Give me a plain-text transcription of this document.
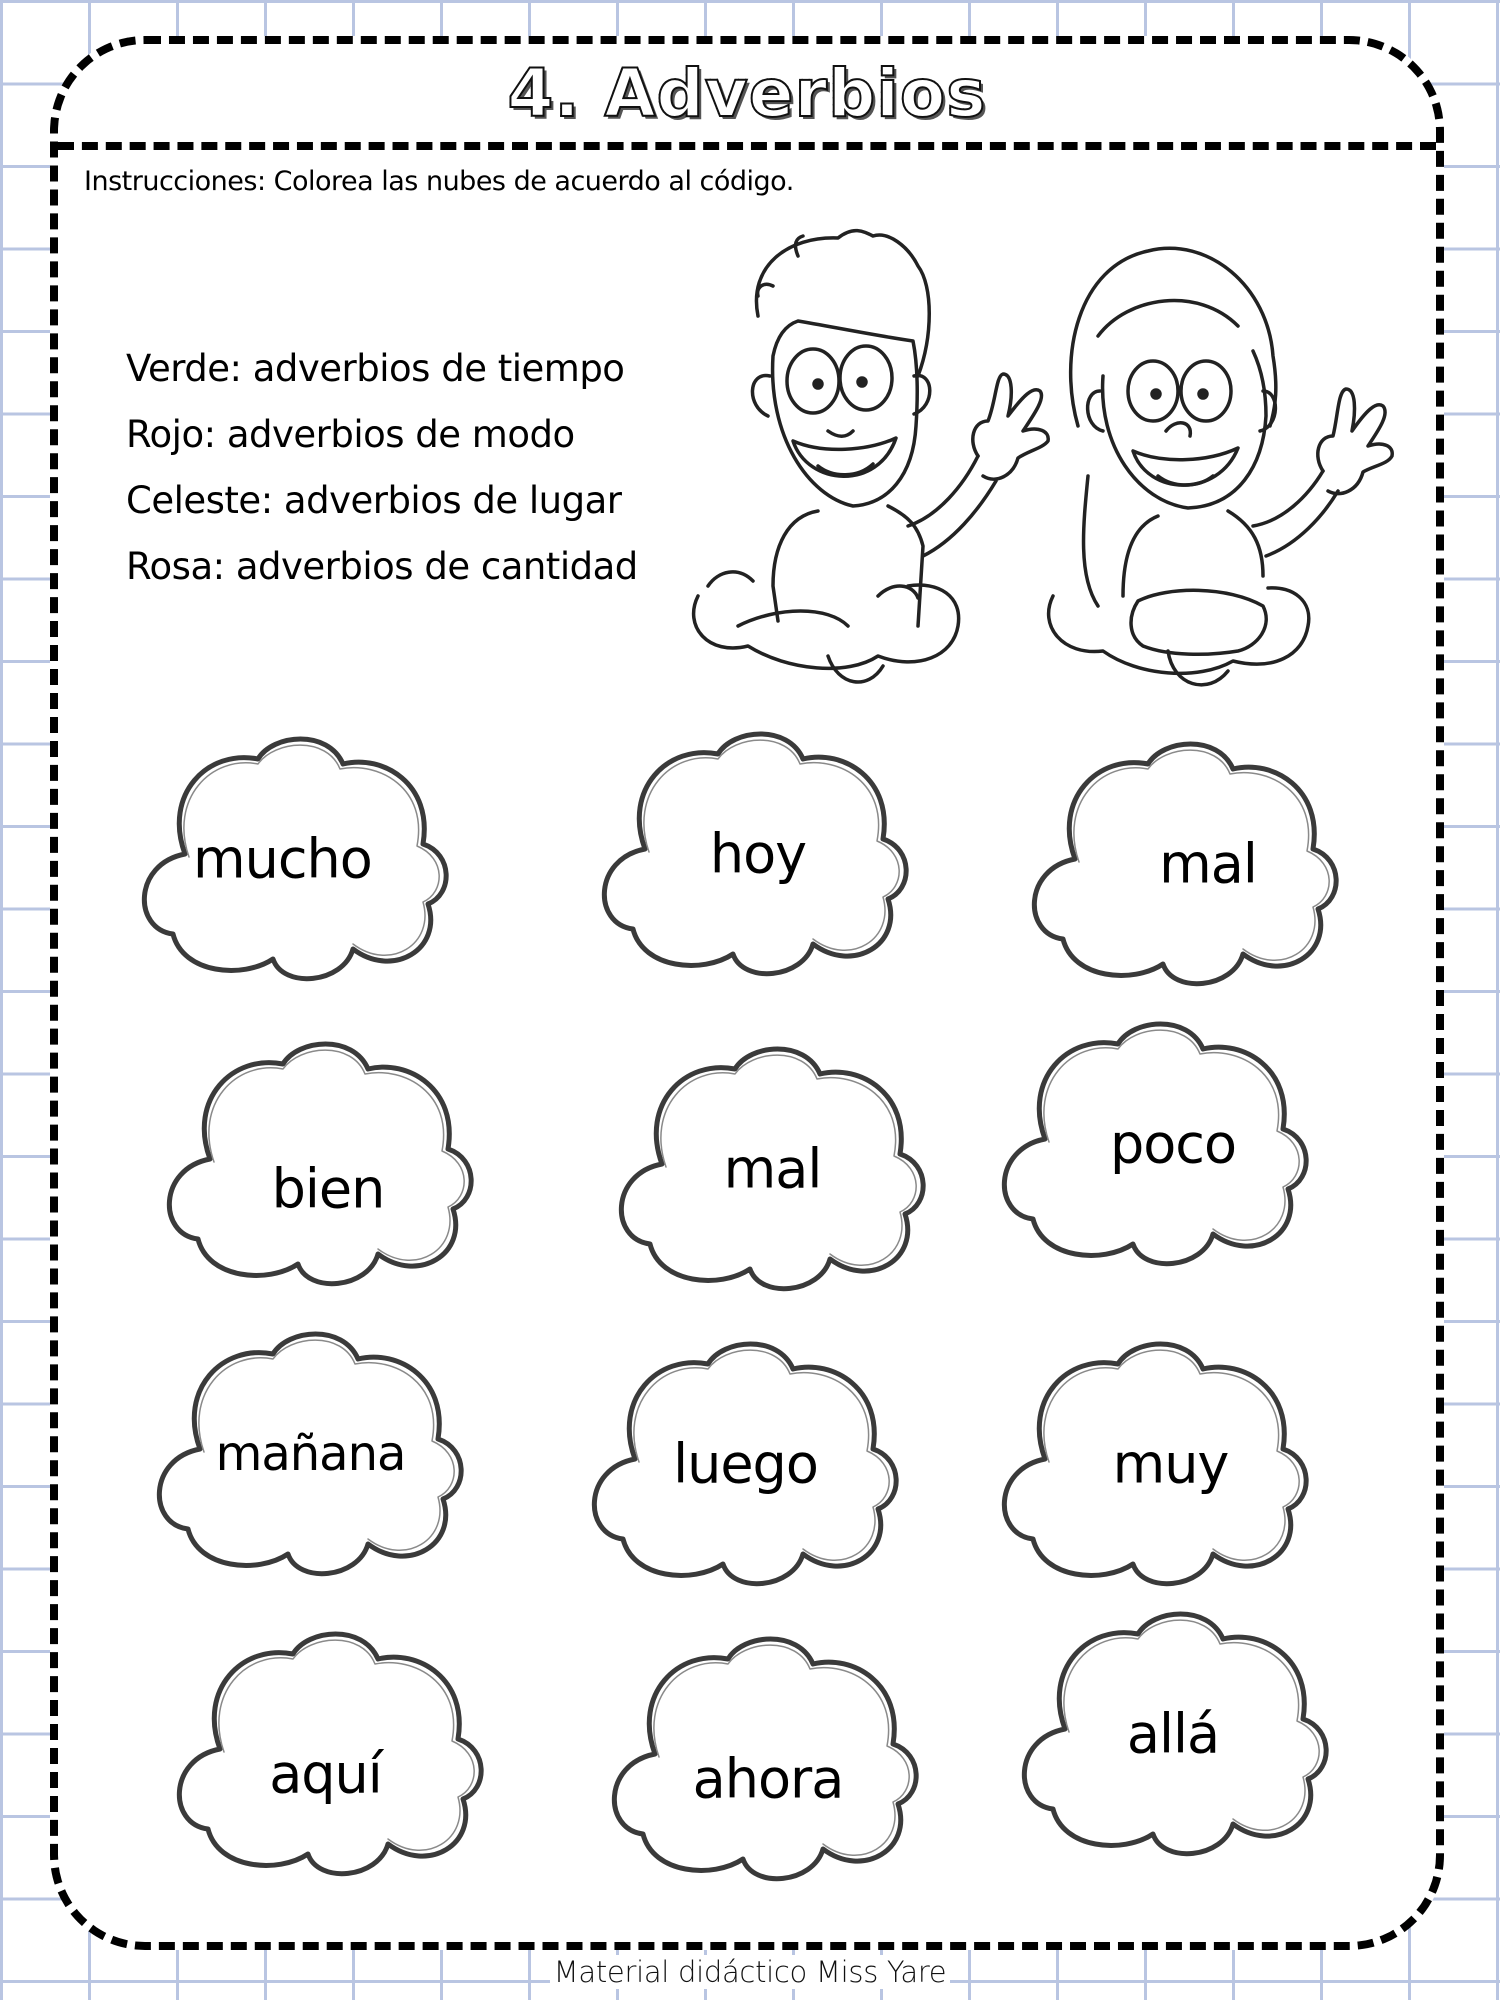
4. Adverbios
Instrucciones: Colorea las nubes de acuerdo al código.
Verde: adverbios de tiempo
Rojo: adverbios de modo
Celeste: adverbios de lugar
Rosa: adverbios de cantidad
mucho	hoy	mal
bien	mal	poco
mañana	luego	muy
aquí	ahora
allá
Material didáctico Miss Yare
